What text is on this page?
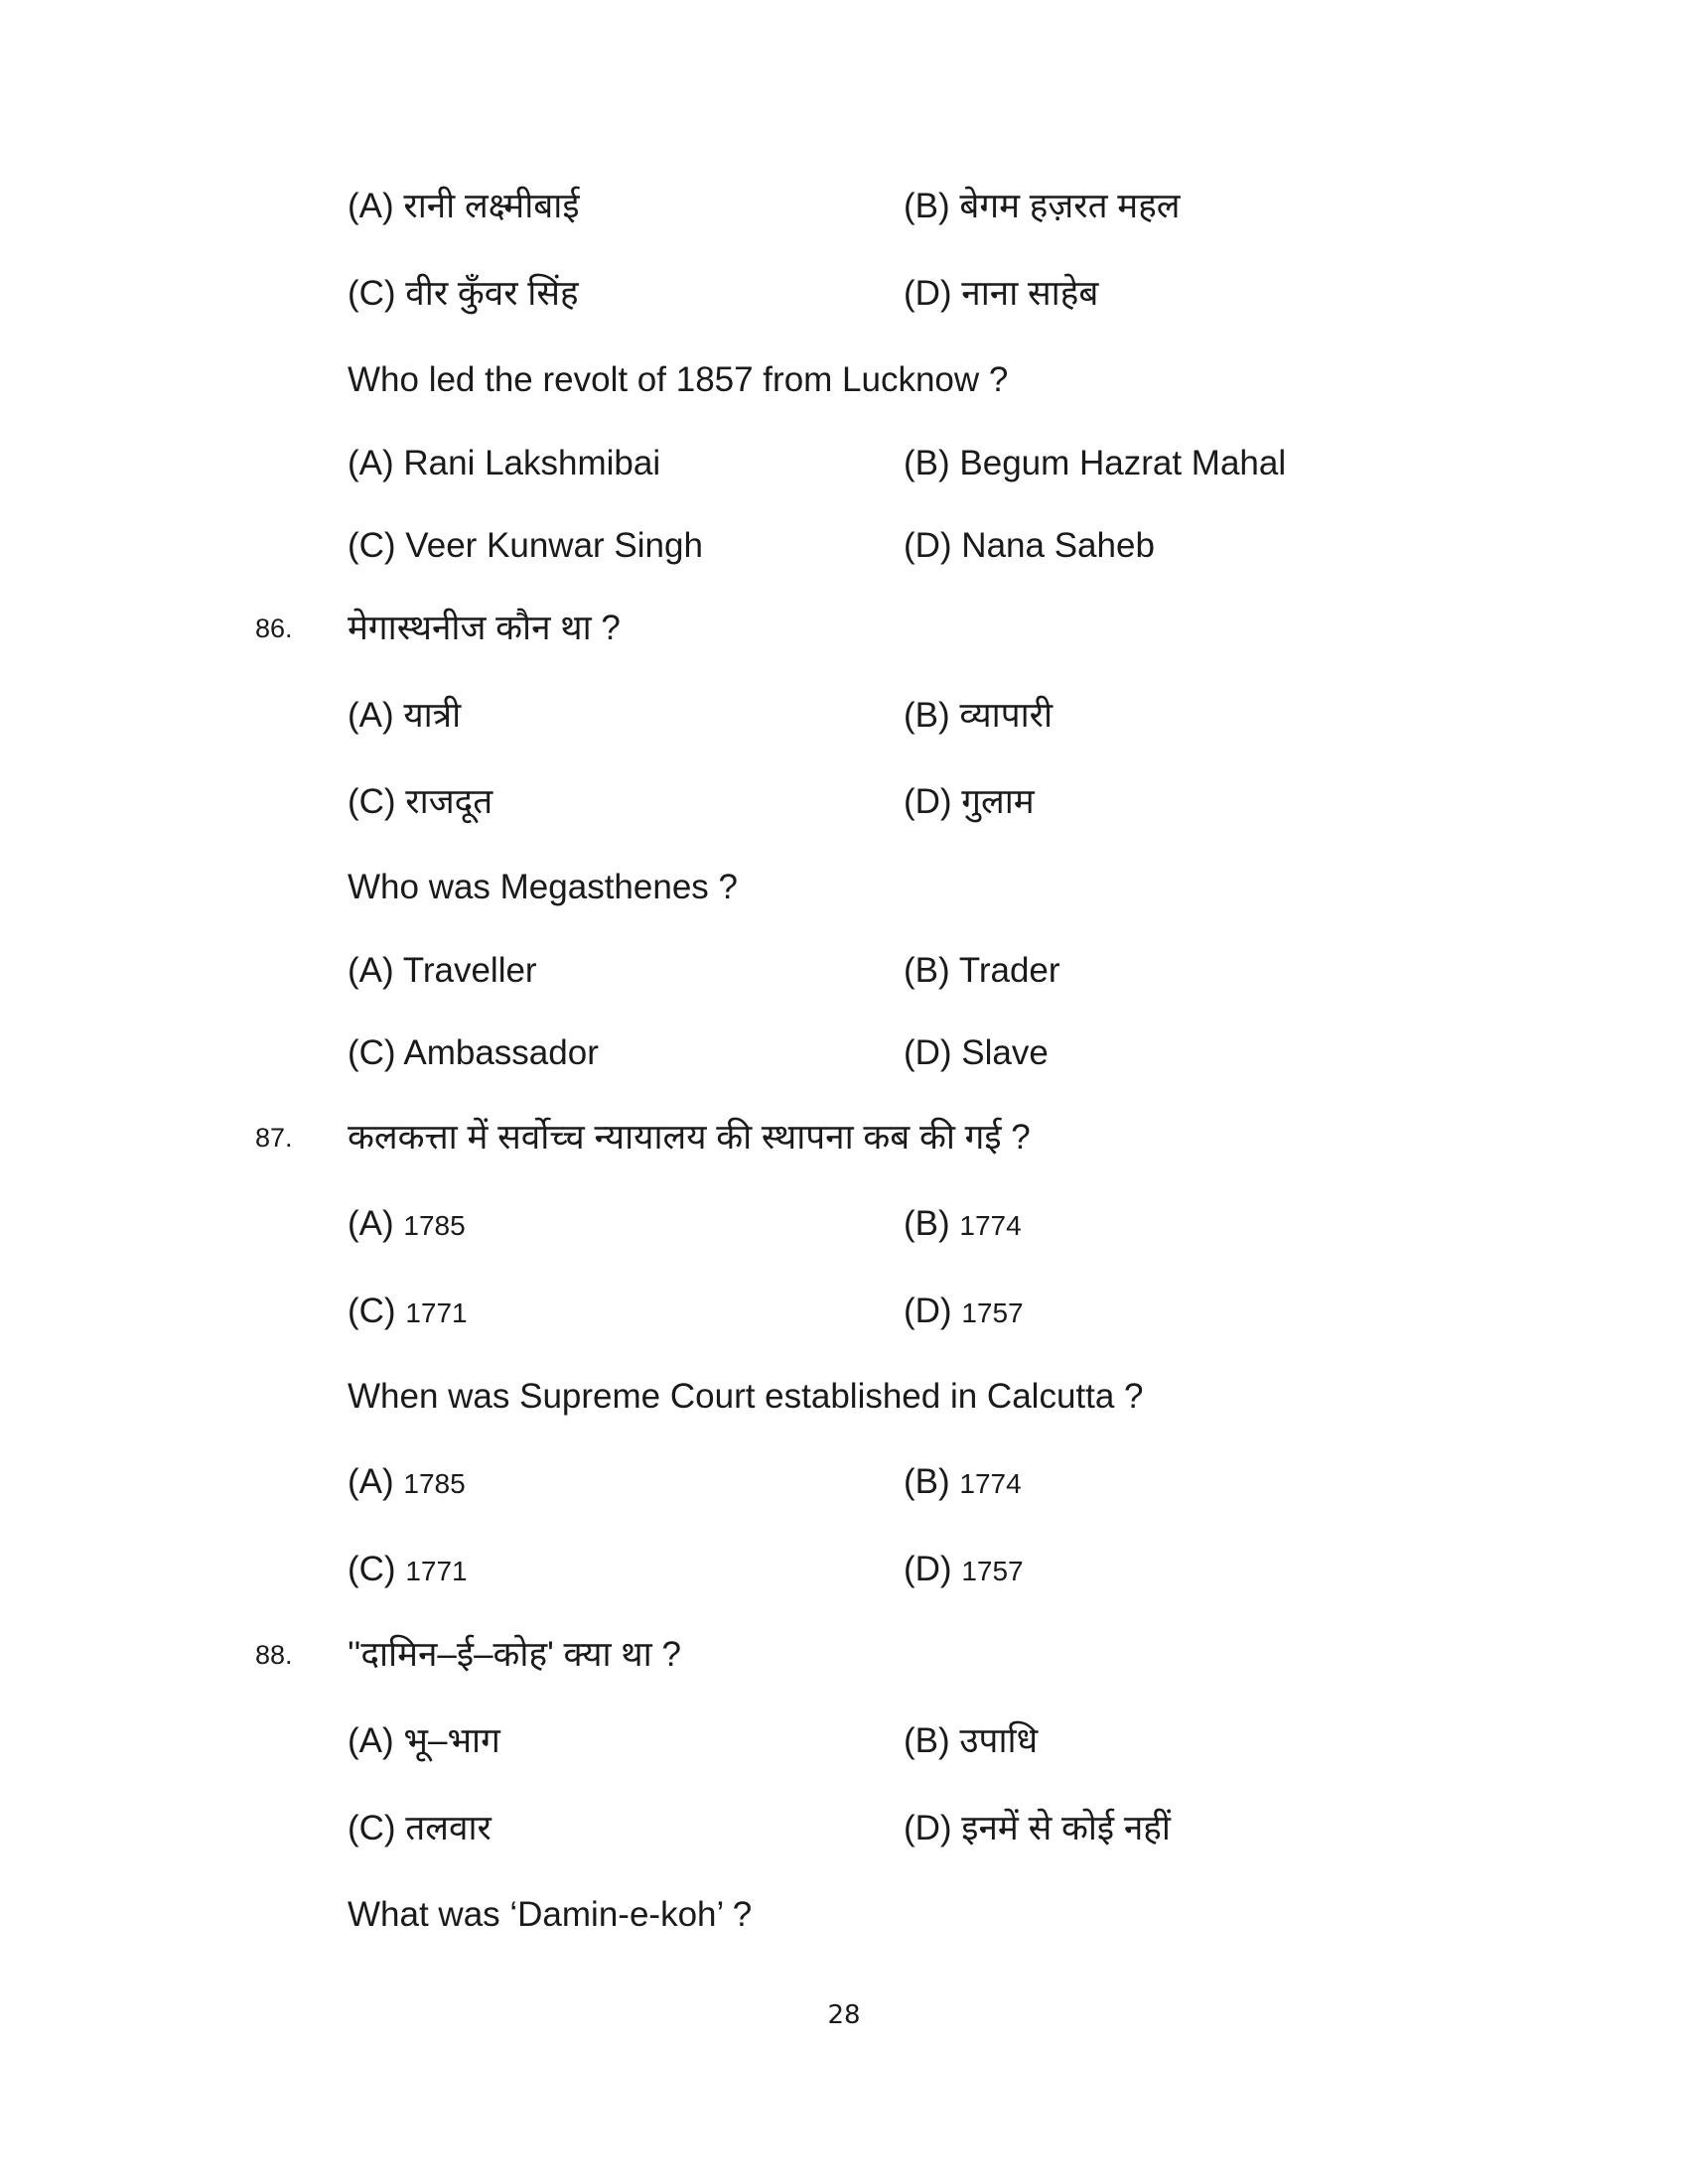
(A) रानी लक्ष्मीबाई	(B) बेगम हज़रत महल
(C) वीर कुँवर सिंह	(D) नाना साहेब
Who led the revolt of 1857 from Lucknow ?
(A) Rani Lakshmibai	(B) Begum Hazrat Mahal
(C) Veer Kunwar Singh	(D) Nana Saheb
86. मेगास्थनीज कौन था ?
(A) यात्री	(B) व्यापारी
(C) राजदूत	(D) गुलाम
Who was Megasthenes ?
(A) Traveller	(B) Trader
(C) Ambassador	(D) Slave
87. कलकत्ता में सर्वोच्च न्यायालय की स्थापना कब की गई ?
(A) 1785	(B) 1774
(C) 1771	(D) 1757
When was Supreme Court established in Calcutta ?
(A) 1785	(B) 1774
(C) 1771	(D) 1757
88. ''दामिन–ई–कोह' क्या था ?
(A) भू–भाग	(B) उपाधि
(C) तलवार	(D) इनमें से कोई नहीं
What was ‘Damin-e-koh’ ?
28
